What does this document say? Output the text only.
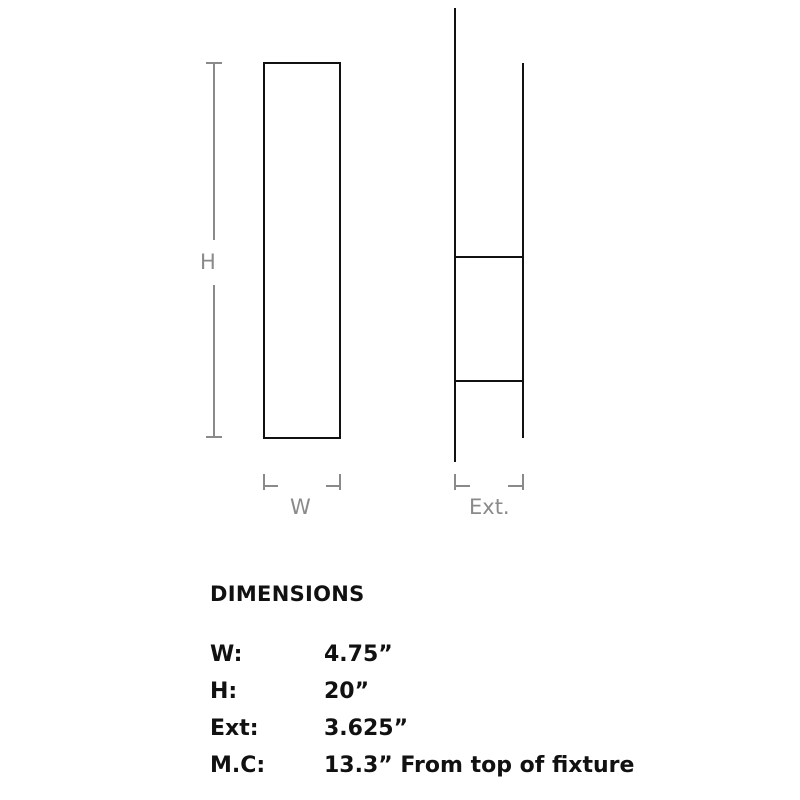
H
W	Ext.
DIMENSIONS
W:	4.75”
H:	20”
Ext:	3.625”
M.C:	13.3” From top of fixture
